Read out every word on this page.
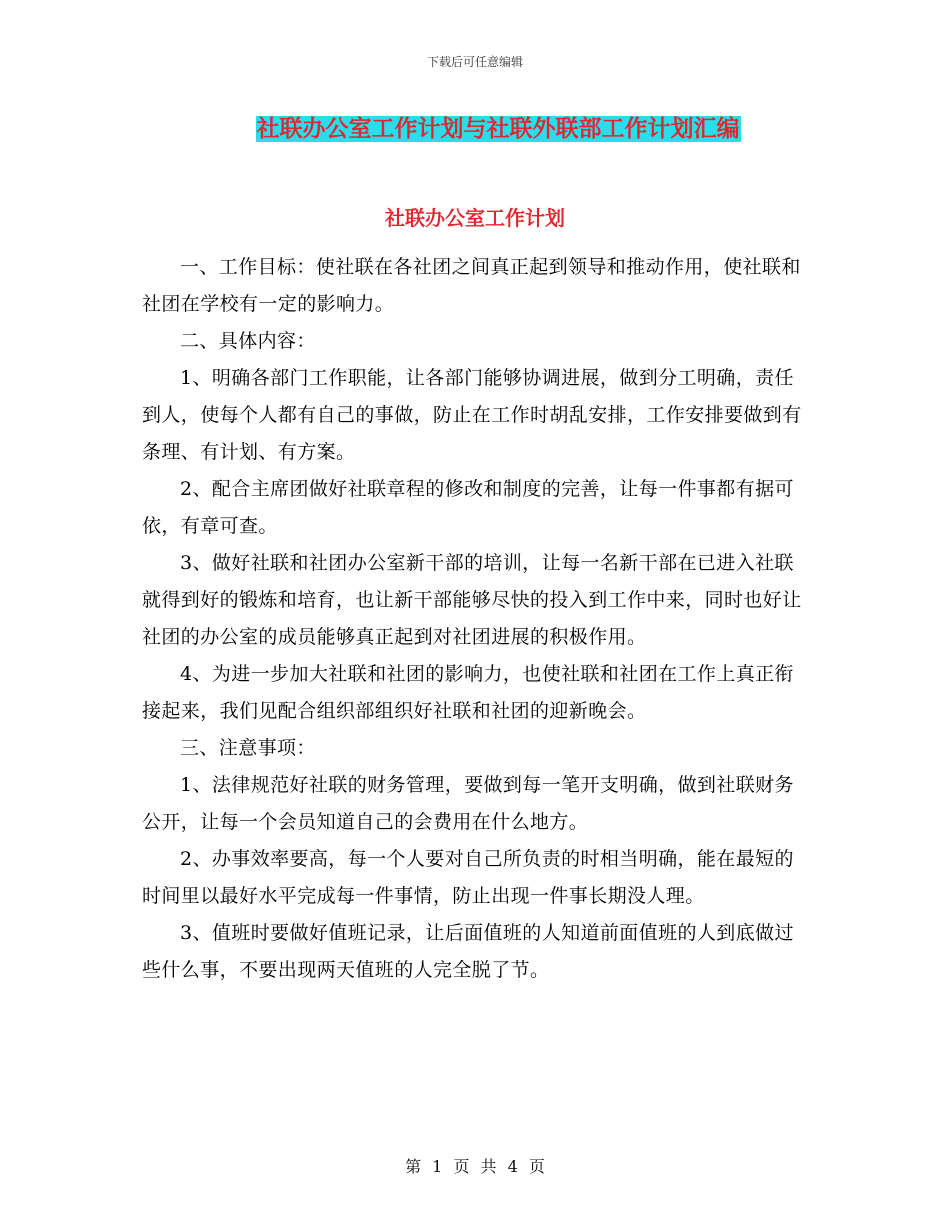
下载后可任意编辑
社联办公室工作计划与社联外联部工作计划汇编
社联办公室工作计划

一、工作目标：使社联在各社团之间真正起到领导和推动作用，使社联和社团在学校有一定的影响力。

二、具体内容：

1、明确各部门工作职能，让各部门能够协调进展，做到分工明确，责任到人，使每个人都有自己的事做，防止在工作时胡乱安排，工作安排要做到有条理、有计划、有方案。

2、配合主席团做好社联章程的修改和制度的完善，让每一件事都有据可依，有章可查。

3、做好社联和社团办公室新干部的培训，让每一名新干部在已进入社联就得到好的锻炼和培育，也让新干部能够尽快的投入到工作中来，同时也好让社团的办公室的成员能够真正起到对社团进展的积极作用。

4、为进一步加大社联和社团的影响力，也使社联和社团在工作上真正衔接起来，我们见配合组织部组织好社联和社团的迎新晚会。

三、注意事项：

1、法律规范好社联的财务管理，要做到每一笔开支明确，做到社联财务公开，让每一个会员知道自己的会费用在什么地方。

2、办事效率要高，每一个人要对自己所负责的时相当明确，能在最短的时间里以最好水平完成每一件事情，防止出现一件事长期没人理。

3、值班时要做好值班记录，让后面值班的人知道前面值班的人到底做过些什么事，不要出现两天值班的人完全脱了节。

第 1 页 共 4 页
